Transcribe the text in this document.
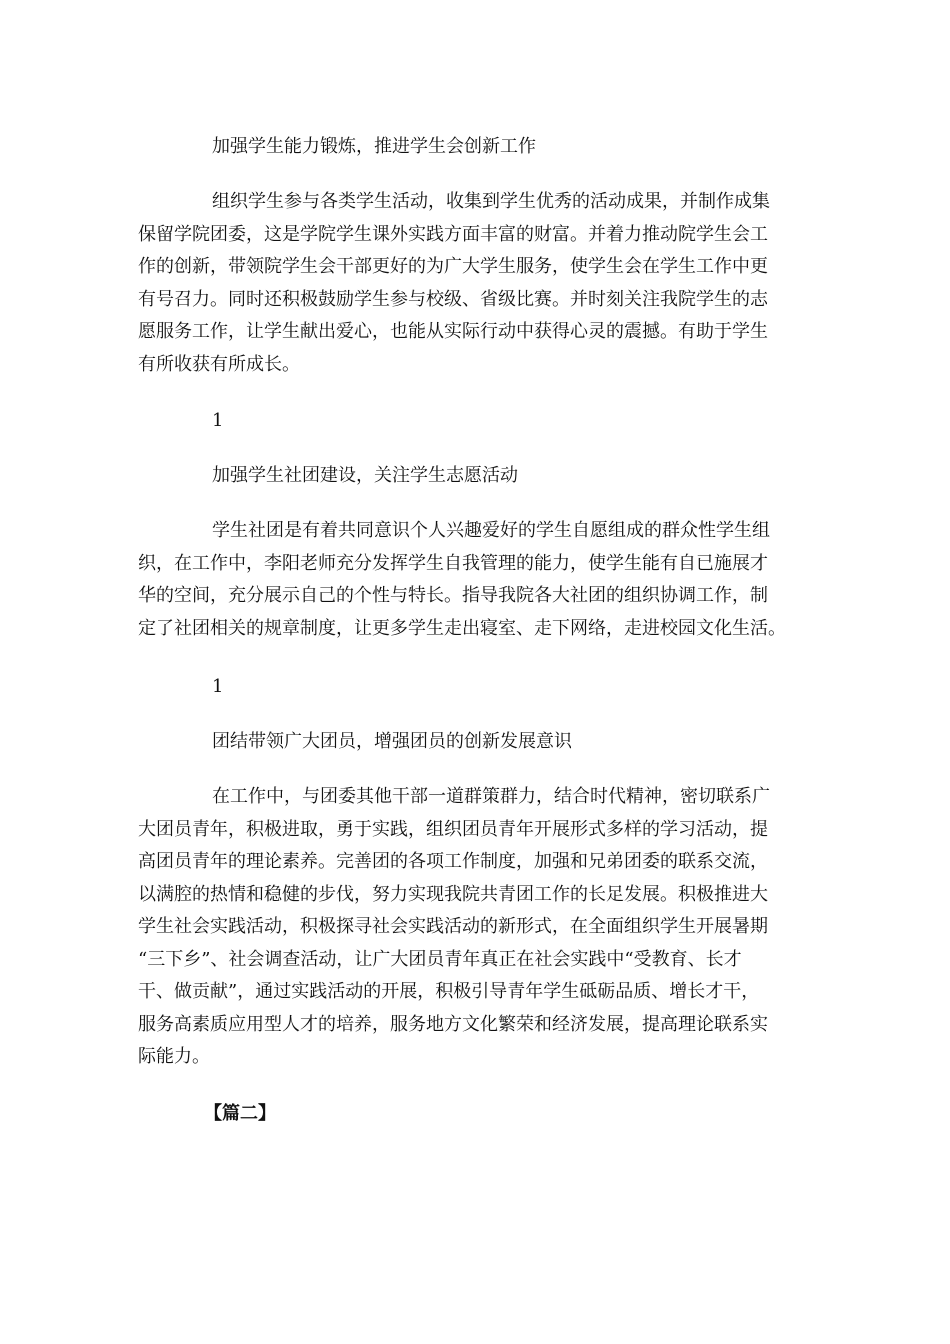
加强学生能力锻炼，推进学生会创新工作
组织学生参与各类学生活动，收集到学生优秀的活动成果，并制作成集
保留学院团委，这是学院学生课外实践方面丰富的财富。并着力推动院学生会工
作的创新，带领院学生会干部更好的为广大学生服务，使学生会在学生工作中更
有号召力。同时还积极鼓励学生参与校级、省级比赛。并时刻关注我院学生的志
愿服务工作，让学生献出爱心，也能从实际行动中获得心灵的震撼。有助于学生
有所收获有所成长。
1
加强学生社团建设，关注学生志愿活动
学生社团是有着共同意识个人兴趣爱好的学生自愿组成的群众性学生组
织，在工作中，李阳老师充分发挥学生自我管理的能力，使学生能有自已施展才
华的空间，充分展示自己的个性与特长。指导我院各大社团的组织协调工作，制
定了社团相关的规章制度，让更多学生走出寝室、走下网络，走进校园文化生活。
1
团结带领广大团员，增强团员的创新发展意识
在工作中，与团委其他干部一道群策群力，结合时代精神，密切联系广
大团员青年，积极进取，勇于实践，组织团员青年开展形式多样的学习活动，提
高团员青年的理论素养。完善团的各项工作制度，加强和兄弟团委的联系交流，
以满腔的热情和稳健的步伐，努力实现我院共青团工作的长足发展。积极推进大
学生社会实践活动，积极探寻社会实践活动的新形式，在全面组织学生开展暑期
“三下乡”、社会调查活动，让广大团员青年真正在社会实践中“受教育、长才
干、做贡献”，通过实践活动的开展，积极引导青年学生砥砺品质、增长才干，
服务高素质应用型人才的培养，服务地方文化繁荣和经济发展，提高理论联系实
际能力。
【篇二】
